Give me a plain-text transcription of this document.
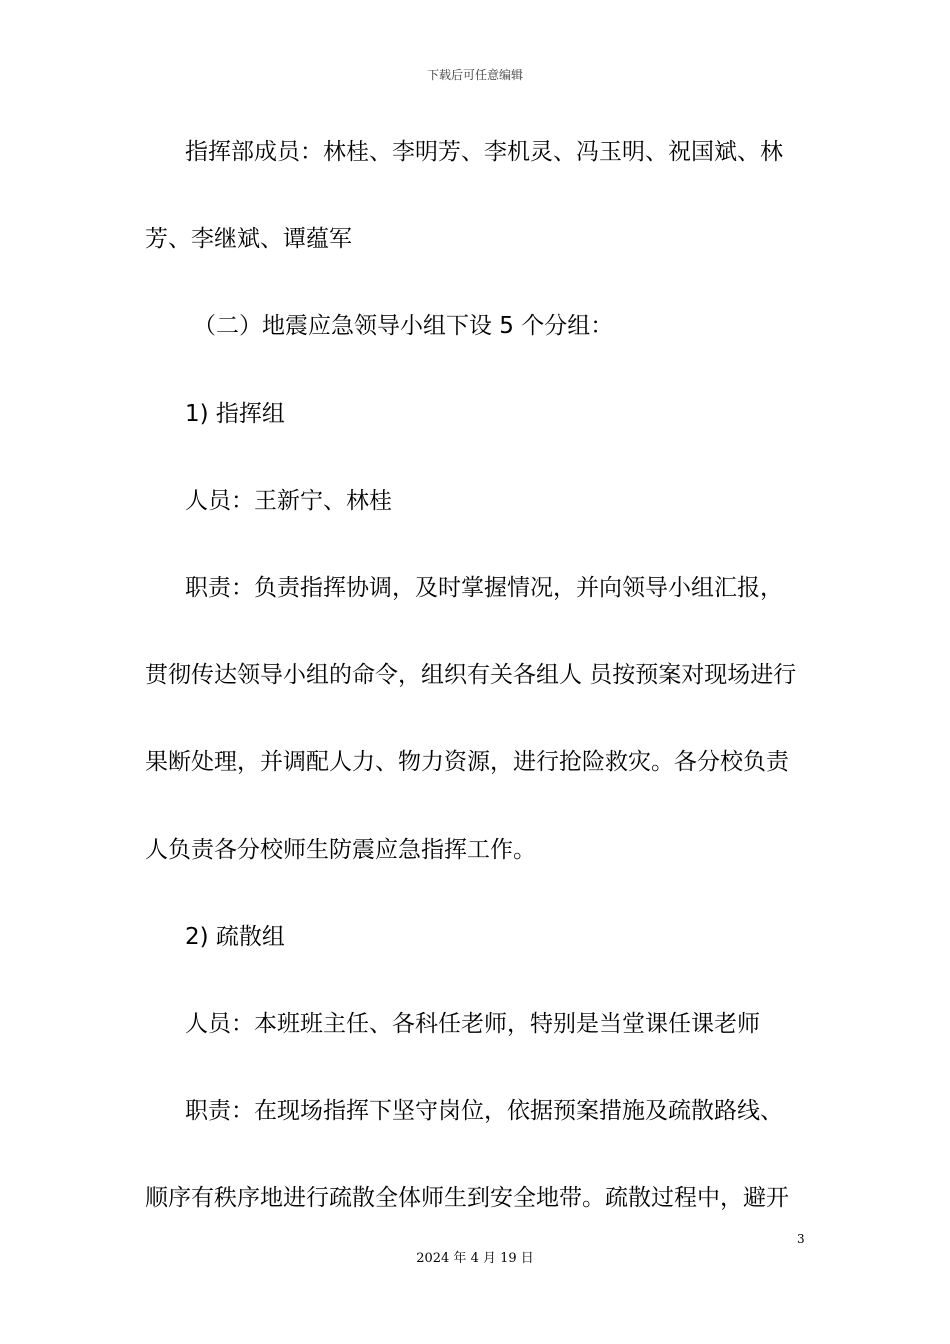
下载后可任意编辑
指挥部成员：林桂、李明芳、李机灵、冯玉明、祝国斌、林
芳、李继斌、谭蕴军
（二）地震应急领导小组下设 5 个分组：
1) 指挥组
人员：王新宁、林桂
职责：负责指挥协调，及时掌握情况，并向领导小组汇报，
贯彻传达领导小组的命令，组织有关各组人 员按预案对现场进行
果断处理，并调配人力、物力资源，进行抢险救灾。各分校负责
人负责各分校师生防震应急指挥工作。
2) 疏散组
人员：本班班主任、各科任老师，特别是当堂课任课老师
职责：在现场指挥下坚守岗位，依据预案措施及疏散路线、
顺序有秩序地进行疏散全体师生到安全地带。疏散过程中，避开
3
2024 年 4 月 19 日
